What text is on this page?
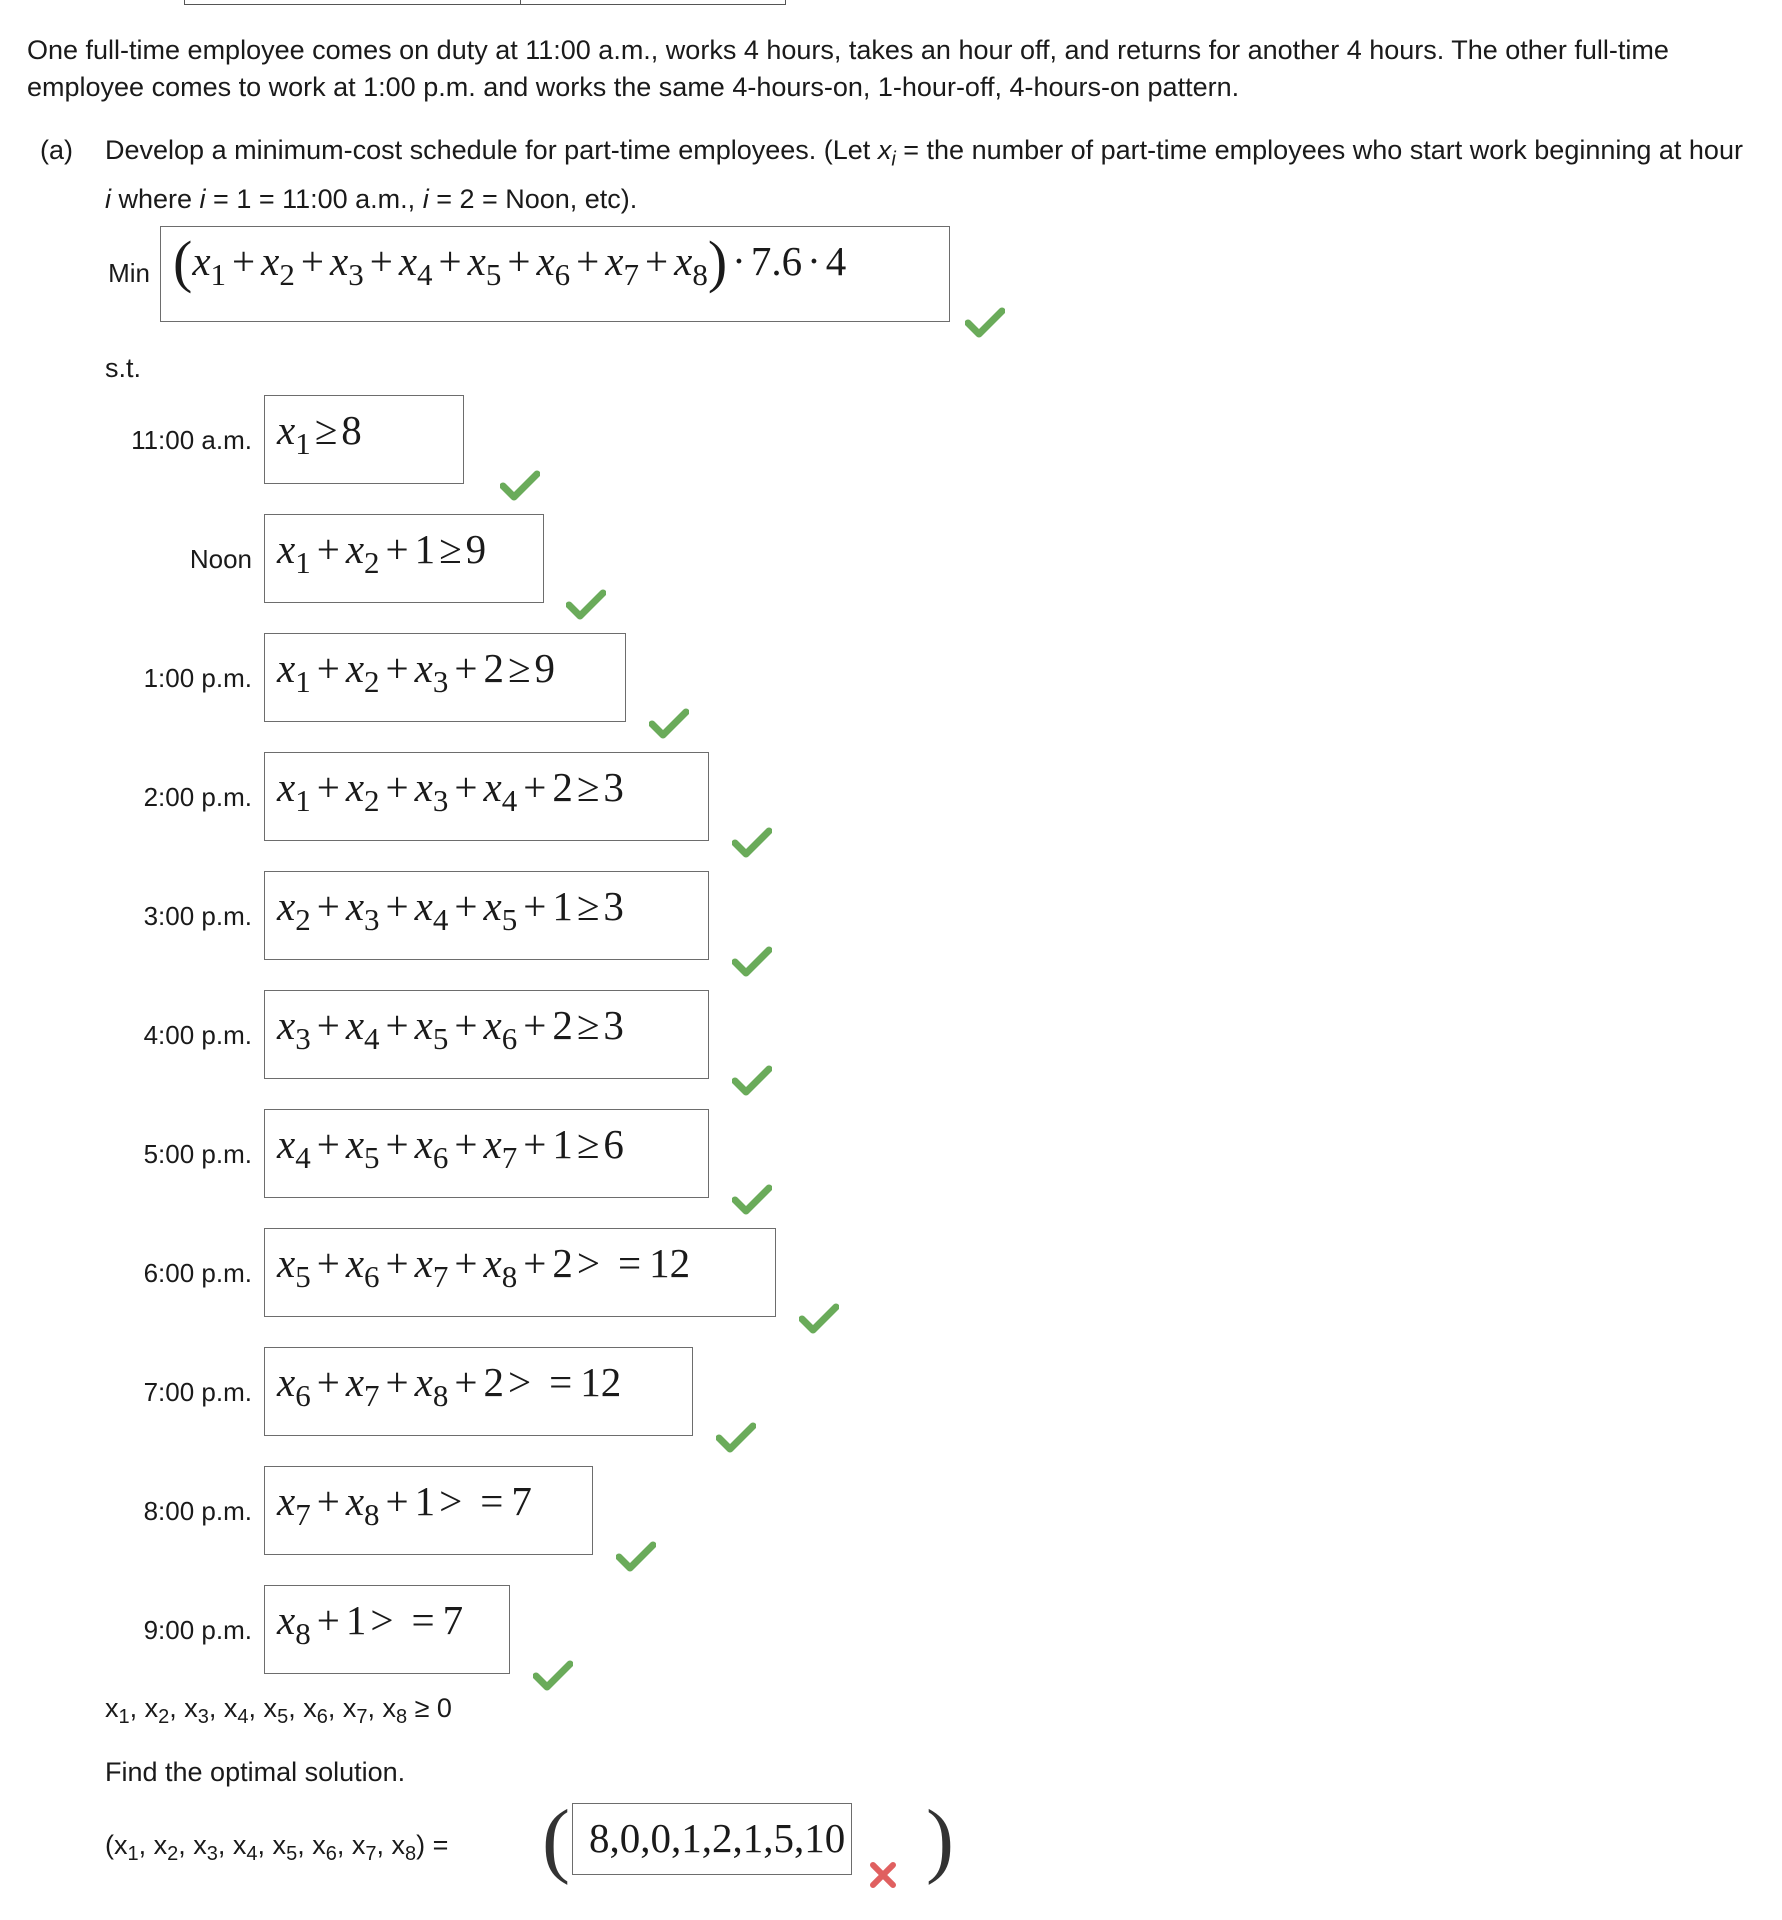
One full-time employee comes on duty at 11:00 a.m., works 4 hours, takes an hour off, and returns for another 4 hours. The other full-time employee comes to work at 1:00 p.m. and works the same 4-hours-on, 1-hour-off, 4-hours-on pattern.
(a) Develop a minimum-cost schedule for part-time employees. (Let $x_i$ = the number of part-time employees who start work beginning at hour i where i = 1 = 11:00 a.m., i = 2 = Noon, etc).
Min $(x_1 + x_2 + x_3 + x_4 + x_5 + x_6 + x_7 + x_8) \cdot 7.6 \cdot 4$
s.t.
11:00 a.m. $x_1\ge 8$
Noon $x_1 + x_2 + 1\ge 9$
1:00 p.m. $x_1 + x_2 + x_3 + 2\ge 9$
2:00 p.m. $x_1 + x_2 + x_3 + x_4 + 2\ge 3$
3:00 p.m. $x_2 + x_3 + x_4 + x_5 + 1\ge 3$
4:00 p.m. $x_3 + x_4 + x_5 + x_6 + 2\ge 3$
5:00 p.m. $x_4 + x_5 + x_6 + x_7 + 1\ge 6$
6:00 p.m. $x_5 + x_6 + x_7 + x_8 + 2> = 12$
7:00 p.m. $x_6 + x_7 + x_8 + 2> = 12$
8:00 p.m. $x_7 + x_8 + 1> = 7$
9:00 p.m. $x_8 + 1> = 7$
$x_1$, $x_2$, $x_3$, $x_4$, $x_5$, $x_6$, $x_7$, $x_8 \ge 0$
Find the optimal solution.
($x_1$, $x_2$, $x_3$, $x_4$, $x_5$, $x_6$, $x_7$, $x_8$) = ( 8,0,0,1,2,1,5,10 )
